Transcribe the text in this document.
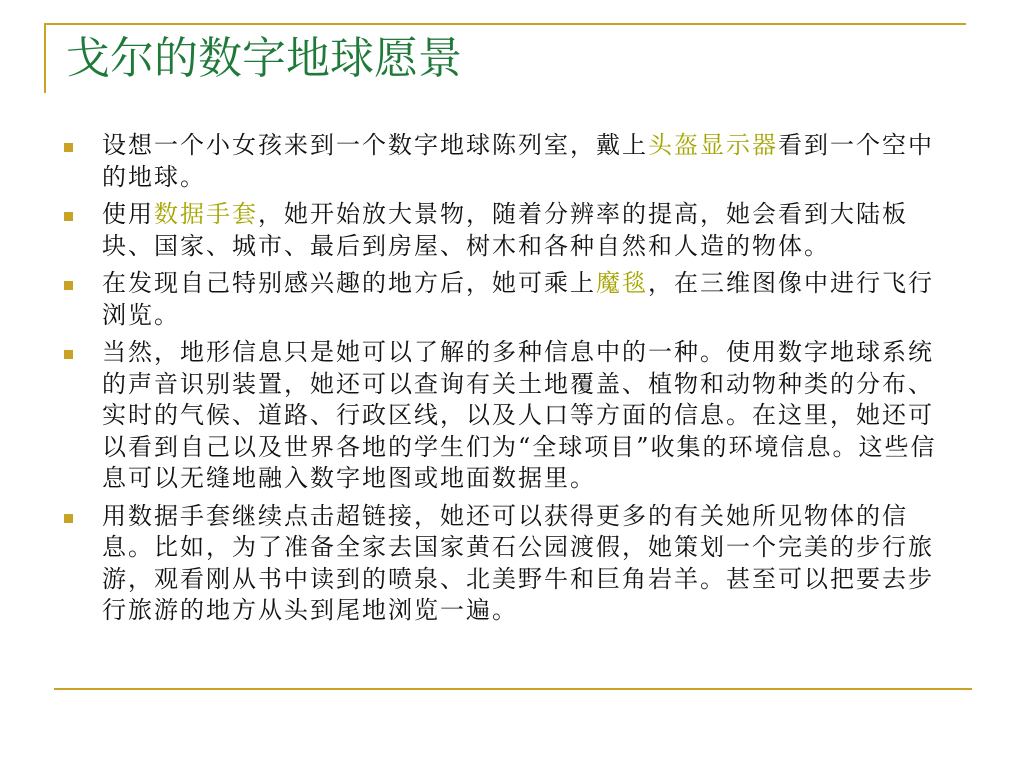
戈尔的数字地球愿景
设想一个小女孩来到一个数字地球陈列室，戴上头盔显示器看到一个空中的地球。
使用数据手套，她开始放大景物，随着分辨率的提高，她会看到大陆板块、国家、城市、最后到房屋、树木和各种自然和人造的物体。
在发现自己特别感兴趣的地方后，她可乘上魔毯，在三维图像中进行飞行浏览。
当然，地形信息只是她可以了解的多种信息中的一种。使用数字地球系统的声音识别装置，她还可以查询有关土地覆盖、植物和动物种类的分布、实时的气候、道路、行政区线，以及人口等方面的信息。在这里，她还可以看到自己以及世界各地的学生们为“全球项目”收集的环境信息。这些信息可以无缝地融入数字地图或地面数据里。
用数据手套继续点击超链接，她还可以获得更多的有关她所见物体的信息。比如，为了准备全家去国家黄石公园渡假，她策划一个完美的步行旅游，观看刚从书中读到的喷泉、北美野牛和巨角岩羊。甚至可以把要去步行旅游的地方从头到尾地浏览一遍。
